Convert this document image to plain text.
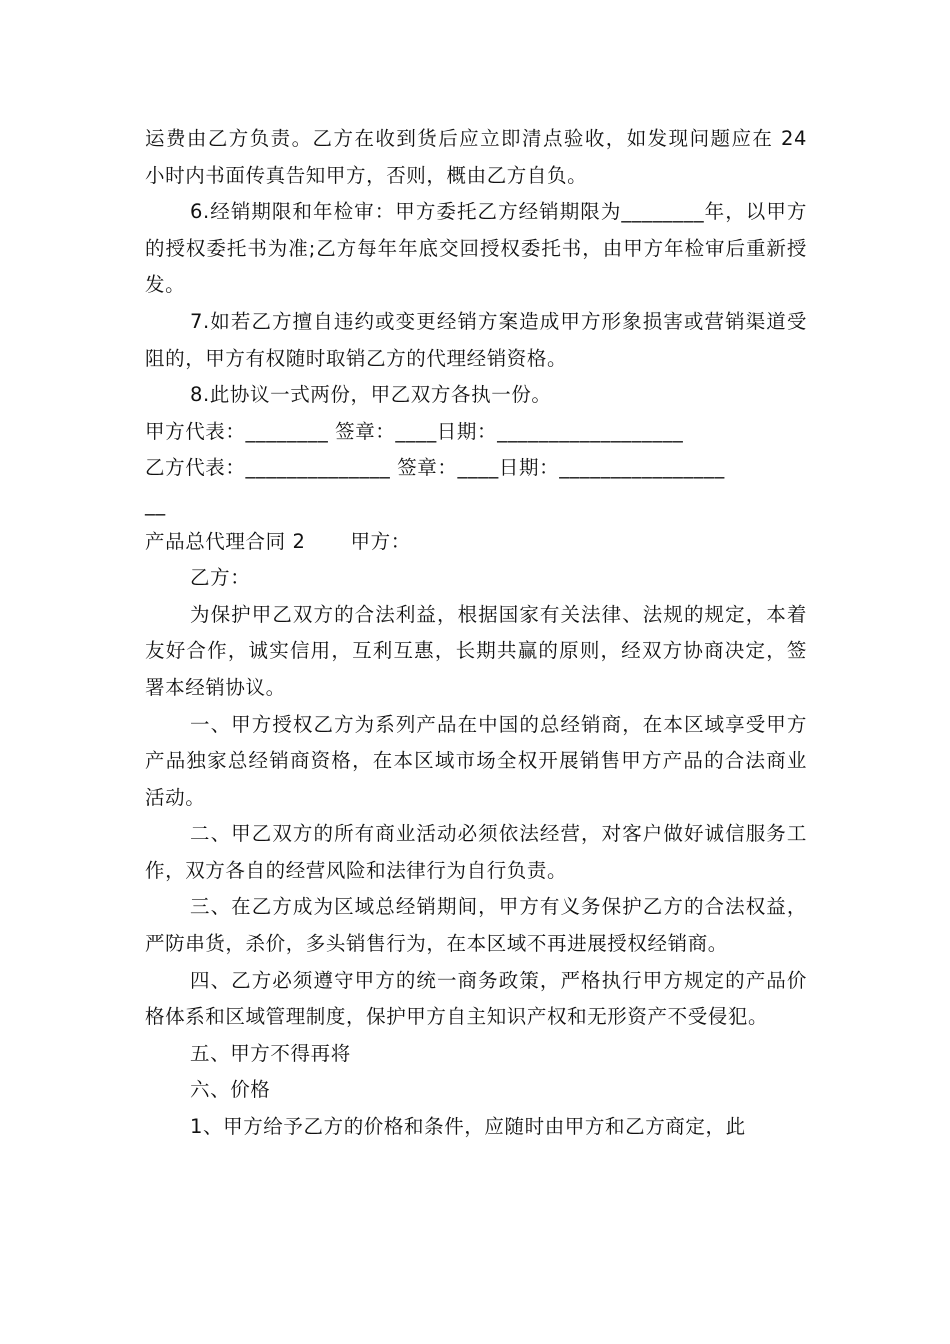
运费由乙方负责。乙方在收到货后应立即清点验收，如发现问题应在 24 小时内书面传真告知甲方，否则，概由乙方自负。

6.经销期限和年检审：甲方委托乙方经销期限为________年，以甲方的授权委托书为准;乙方每年年底交回授权委托书，由甲方年检审后重新授发。

7.如若乙方擅自违约或变更经销方案造成甲方形象损害或营销渠道受阻的，甲方有权随时取销乙方的代理经销资格。

8.此协议一式两份，甲乙双方各执一份。

甲方代表：________ 签章：____日期：__________________

乙方代表：______________ 签章：____日期：________________

__

产品总代理合同 2 甲方：

乙方：

为保护甲乙双方的合法利益，根据国家有关法律、法规的规定，本着友好合作，诚实信用，互利互惠，长期共赢的原则，经双方协商决定，签署本经销协议。

一、甲方授权乙方为系列产品在中国的总经销商，在本区域享受甲方产品独家总经销商资格，在本区域市场全权开展销售甲方产品的合法商业活动。

二、甲乙双方的所有商业活动必须依法经营，对客户做好诚信服务工作，双方各自的经营风险和法律行为自行负责。

三、在乙方成为区域总经销期间，甲方有义务保护乙方的合法权益，严防串货，杀价，多头销售行为，在本区域不再进展授权经销商。

四、乙方必须遵守甲方的统一商务政策，严格执行甲方规定的产品价格体系和区域管理制度，保护甲方自主知识产权和无形资产不受侵犯。

五、甲方不得再将

六、价格

1、甲方给予乙方的价格和条件，应随时由甲方和乙方商定，此
